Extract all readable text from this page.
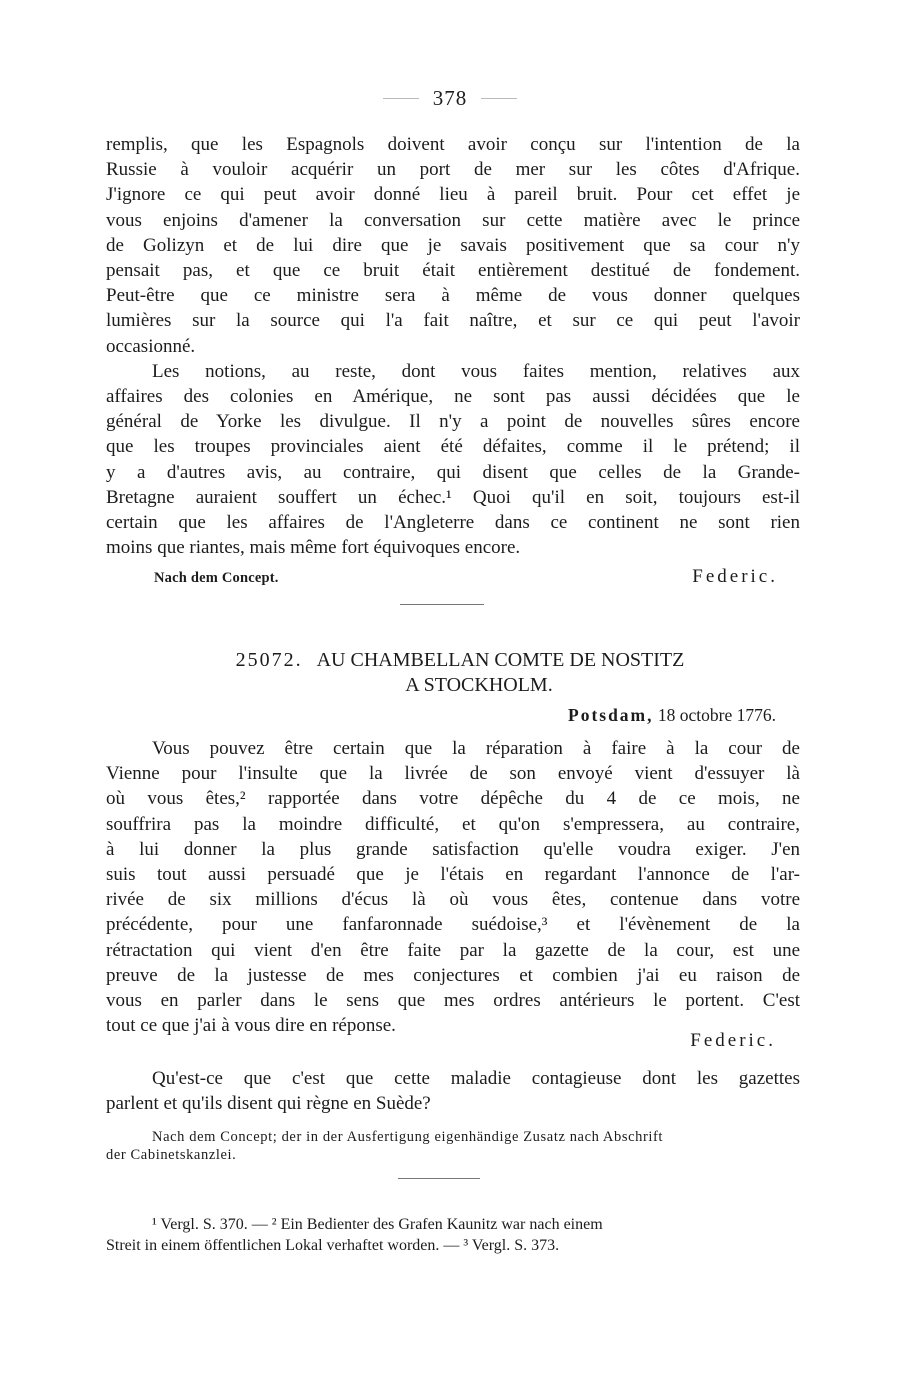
378
remplis, que les Espagnols doivent avoir conçu sur l'intention de la
Russie à vouloir acquérir un port de mer sur les côtes d'Afrique.
J'ignore ce qui peut avoir donné lieu à pareil bruit. Pour cet effet je
vous enjoins d'amener la conversation sur cette matière avec le prince
de Golizyn et de lui dire que je savais positivement que sa cour n'y
pensait pas, et que ce bruit était entièrement destitué de fondement.
Peut-être que ce ministre sera à même de vous donner quelques
lumières sur la source qui l'a fait naître, et sur ce qui peut l'avoir
occasionné.
Les notions, au reste, dont vous faites mention, relatives aux
affaires des colonies en Amérique, ne sont pas aussi décidées que le
général de Yorke les divulgue. Il n'y a point de nouvelles sûres encore
que les troupes provinciales aient été défaites, comme il le prétend; il
y a d'autres avis, au contraire, qui disent que celles de la Grande-
Bretagne auraient souffert un échec.¹ Quoi qu'il en soit, toujours est-il
certain que les affaires de l'Angleterre dans ce continent ne sont rien
moins que riantes, mais même fort équivoques encore.
Nach dem Concept.	Federic.
25072. AU CHAMBELLAN COMTE DE NOSTITZ
A STOCKHOLM.
Potsdam, 18 octobre 1776.
Vous pouvez être certain que la réparation à faire à la cour de
Vienne pour l'insulte que la livrée de son envoyé vient d'essuyer là
où vous êtes,² rapportée dans votre dépêche du 4 de ce mois, ne
souffrira pas la moindre difficulté, et qu'on s'empressera, au contraire,
à lui donner la plus grande satisfaction qu'elle voudra exiger. J'en
suis tout aussi persuadé que je l'étais en regardant l'annonce de l'ar-
rivée de six millions d'écus là où vous êtes, contenue dans votre
précédente, pour une fanfaronnade suédoise,³ et l'évènement de la
rétractation qui vient d'en être faite par la gazette de la cour, est une
preuve de la justesse de mes conjectures et combien j'ai eu raison de
vous en parler dans le sens que mes ordres antérieurs le portent. C'est
tout ce que j'ai à vous dire en réponse.
Federic.
Qu'est-ce que c'est que cette maladie contagieuse dont les gazettes
parlent et qu'ils disent qui règne en Suède?
Nach dem Concept; der in der Ausfertigung eigenhändige Zusatz nach Abschrift
der Cabinetskanzlei.
¹ Vergl. S. 370. — ² Ein Bedienter des Grafen Kaunitz war nach einem
Streit in einem öffentlichen Lokal verhaftet worden. — ³ Vergl. S. 373.
